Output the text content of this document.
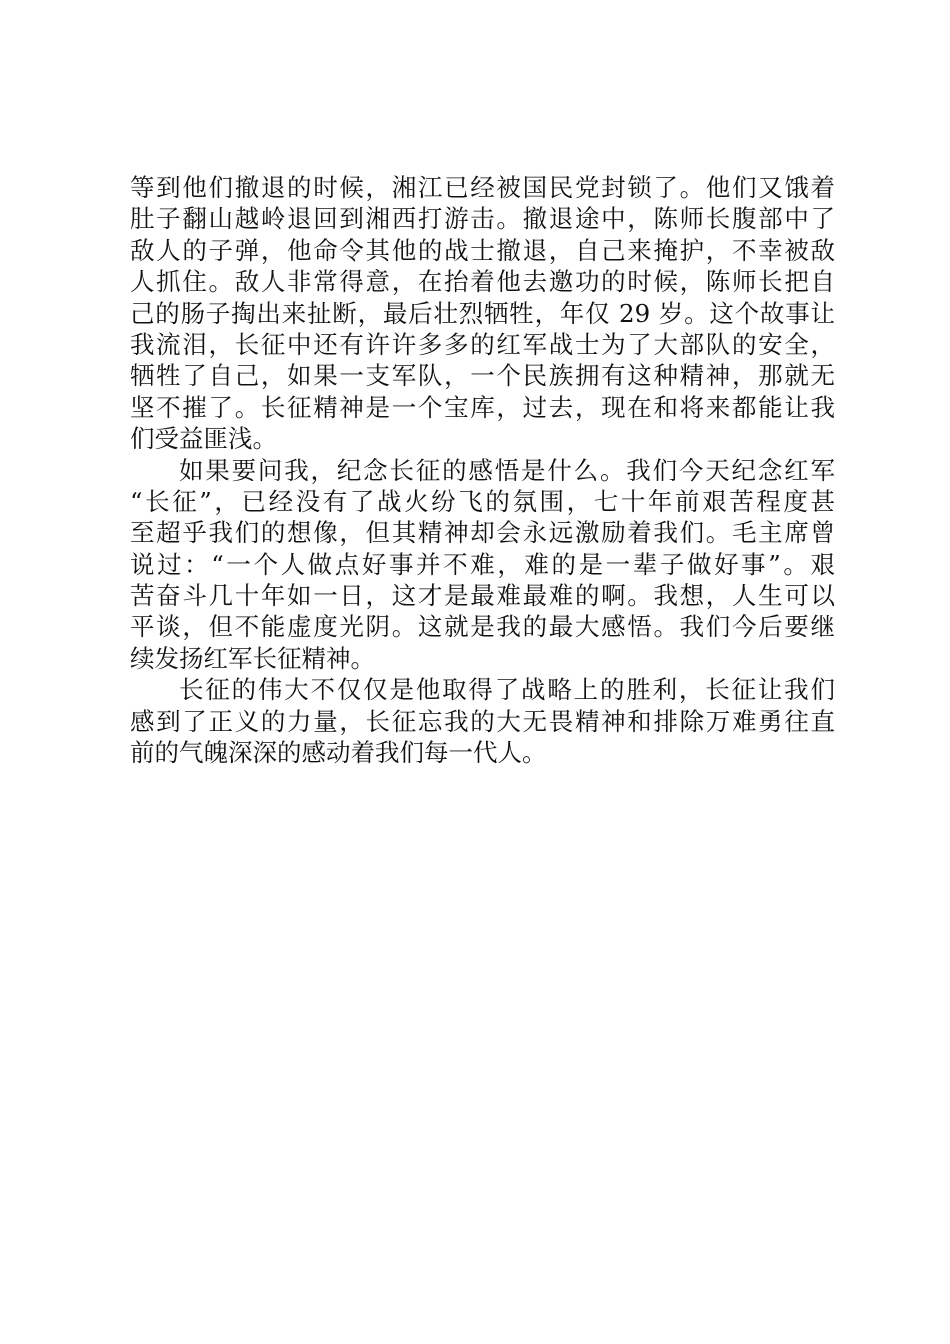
等到他们撤退的时候，湘江已经被国民党封锁了。他们又饿着
肚子翻山越岭退回到湘西打游击。撤退途中，陈师长腹部中了
敌人的子弹，他命令其他的战士撤退，自己来掩护，不幸被敌
人抓住。敌人非常得意，在抬着他去邀功的时候，陈师长把自
己的肠子掏出来扯断，最后壮烈牺牲，年仅 29 岁。这个故事让
我流泪，长征中还有许许多多的红军战士为了大部队的安全，
牺牲了自己，如果一支军队，一个民族拥有这种精神，那就无
坚不摧了。长征精神是一个宝库，过去，现在和将来都能让我
们受益匪浅。
如果要问我，纪念长征的感悟是什么。我们今天纪念红军
“长征”，已经没有了战火纷飞的氛围，七十年前艰苦程度甚
至超乎我们的想像，但其精神却会永远激励着我们。毛主席曾
说过：“一个人做点好事并不难，难的是一辈子做好事”。艰
苦奋斗几十年如一日，这才是最难最难的啊。我想，人生可以
平谈，但不能虚度光阴。这就是我的最大感悟。我们今后要继
续发扬红军长征精神。
长征的伟大不仅仅是他取得了战略上的胜利，长征让我们
感到了正义的力量，长征忘我的大无畏精神和排除万难勇往直
前的气魄深深的感动着我们每一代人。
